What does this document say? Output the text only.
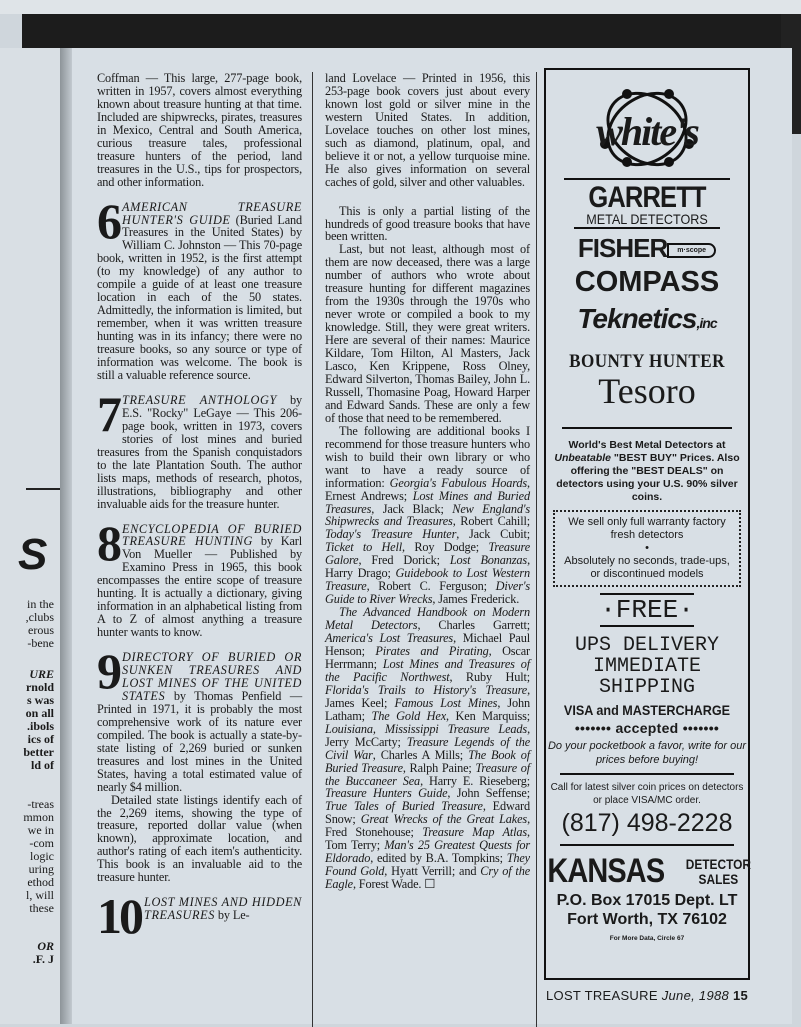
S
in the
clubs,
erous
bene-
URE
rnold
s was
on all
ibols.
ics of
better
ld of
treas-
mmon
we in
com-
logic
uring
ethod
l, will
these
OR
F. J.

Coffman — This large, 277-page book, written in 1957, covers almost everything known about treasure hunting at that time. Included are shipwrecks, pirates, treasures in Mexico, Central and South America, curious treasure tales, professional treasure hunters of the period, land treasures in the U.S., tips for prospectors, and other information.

6 AMERICAN TREASURE HUNTER'S GUIDE (Buried Land Treasures in the United States) by William C. Johnston — This 70-page book, written in 1952, is the first attempt (to my knowledge) of any author to compile a guide of at least one treasure location in each of the 50 states. Admittedly, the information is limited, but remember, when it was written treasure hunting was in its infancy; there were no treasure books, so any source or type of information was welcome. The book is still a valuable reference source.

7 TREASURE ANTHOLOGY by E.S. "Rocky" LeGaye — This 206-page book, written in 1973, covers stories of lost mines and buried treasures from the Spanish conquistadors to the late Plantation South. The author lists maps, methods of research, photos, illustrations, bibliography and other invaluable aids for the treasure hunter.

8 ENCYCLOPEDIA OF BURIED TREASURE HUNTING by Karl Von Mueller — Published by Examino Press in 1965, this book encompasses the entire scope of treasure hunting. It is actually a dictionary, giving information in an alphabetical listing from A to Z of almost anything a treasure hunter wants to know.

9 DIRECTORY OF BURIED OR SUNKEN TREASURES AND LOST MINES OF THE UNITED STATES by Thomas Penfield — Printed in 1971, it is probably the most comprehensive work of its nature ever compiled. The book is actually a state-by-state listing of 2,269 buried or sunken treasures and lost mines in the United States, having a total estimated value of nearly $4 million.

Detailed state listings identify each of the 2,269 items, showing the type of treasure, reported dollar value (when known), approximate location, and author's rating of each item's authenticity. This book is an invaluable aid to the treasure hunter.

10 LOST MINES AND HIDDEN TREASURES by Le-

land Lovelace — Printed in 1956, this 253-page book covers just about every known lost gold or silver mine in the western United States. In addition, Lovelace touches on other lost mines, such as diamond, platinum, opal, and believe it or not, a yellow turquoise mine. He also gives information on several caches of gold, silver and other valuables.

This is only a partial listing of the hundreds of good treasure books that have been written.

Last, but not least, although most of them are now deceased, there was a large number of authors who wrote about treasure hunting for different magazines from the 1930s through the 1970s who never wrote or compiled a book to my knowledge. Still, they were great writers. Here are several of their names: Maurice Kildare, Tom Hilton, Al Masters, Jack Lasco, Ken Krippene, Ross Olney, Edward Silverton, Thomas Bailey, John L. Russell, Thomasine Poag, Howard Harper and Edward Sands. These are only a few of those that need to be remembered.

The following are additional books I recommend for those treasure hunters who wish to build their own library or who want to have a ready source of information: Georgia's Fabulous Hoards, Ernest Andrews; Lost Mines and Buried Treasures, Jack Black; New England's Shipwrecks and Treasures, Robert Cahill; Today's Treasure Hunter, Jack Cubit; Ticket to Hell, Roy Dodge; Treasure Galore, Fred Dorick; Lost Bonanzas, Harry Drago; Guidebook to Lost Western Treasure, Robert C. Ferguson; Diver's Guide to River Wrecks, James Frederick.

The Advanced Handbook on Modern Metal Detectors, Charles Garrett; America's Lost Treasures, Michael Paul Henson; Pirates and Pirating, Oscar Herrmann; Lost Mines and Treasures of the Pacific Northwest, Ruby Hult; Florida's Trails to History's Treasure, James Keel; Famous Lost Mines, John Latham; The Gold Hex, Ken Marquiss; Louisiana, Mississippi Treasure Leads, Jerry McCarty; Treasure Legends of the Civil War, Charles A Mills; The Book of Buried Treasure, Ralph Paine; Treasure of the Buccaneer Sea, Harry E. Rieseberg; Treasure Hunters Guide, John Seffense; True Tales of Buried Treasure, Edward Snow; Great Wrecks of the Great Lakes, Fred Stonehouse; Treasure Map Atlas, Tom Terry; Man's 25 Greatest Quests for Eldorado, edited by B.A. Tompkins; They Found Gold, Hyatt Verrill; and Cry of the Eagle, Forest Wade. ☐

white's
GARRETT
METAL DETECTORS
FISHER m·scope
COMPASS
Teknetics,inc
BOUNTY HUNTER
Tesoro
World's Best Metal Detectors at Unbeatable "BEST BUY" Prices. Also offering the "BEST DEALS" on detectors using your U.S. 90% silver coins.
We sell only full warranty factory fresh detectors
•
Absolutely no seconds, trade-ups, or discontinued models
·FREE·
UPS DELIVERY
IMMEDIATE
SHIPPING
VISA and MASTERCHARGE
••••••• accepted •••••••
Do your pocketbook a favor, write for our prices before buying!
Call for latest silver coin prices on detectors or place VISA/MC order.
(817) 498-2228
KANSAS DETECTOR
SALES
P.O. Box 17015 Dept. LT
Fort Worth, TX 76102
For More Data, Circle 67
LOST TREASURE June, 1988 15
